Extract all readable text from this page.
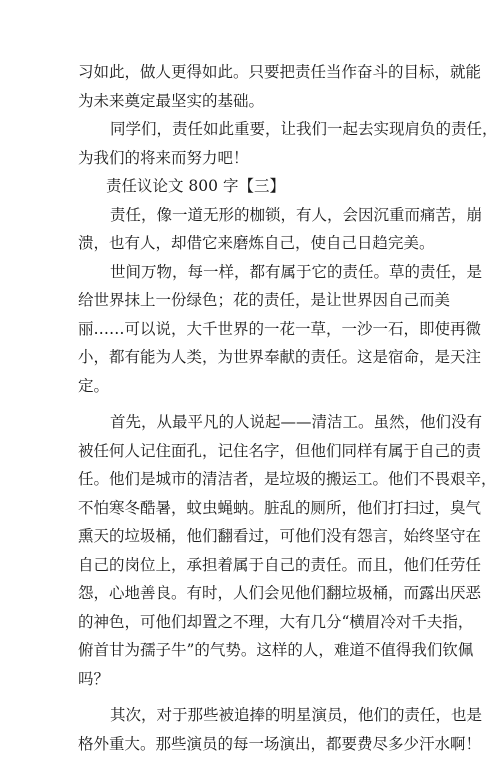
习如此，做人更得如此。只要把责任当作奋斗的目标，就能
为未来奠定最坚实的基础。
同学们，责任如此重要，让我们一起去实现肩负的责任，
为我们的将来而努力吧！
责任议论文 800 字【三】
责任，像一道无形的枷锁，有人，会因沉重而痛苦，崩
溃，也有人，却借它来磨炼自己，使自己日趋完美。
世间万物，每一样，都有属于它的责任。草的责任，是
给世界抹上一份绿色；花的责任，是让世界因自己而美
丽……可以说，大千世界的一花一草，一沙一石，即使再微
小，都有能为人类，为世界奉献的责任。这是宿命，是天注
定。
首先，从最平凡的人说起——清洁工。虽然，他们没有
被任何人记住面孔，记住名字，但他们同样有属于自己的责
任。他们是城市的清洁者，是垃圾的搬运工。他们不畏艰辛，
不怕寒冬酷暑，蚊虫蝇蚋。脏乱的厕所，他们打扫过，臭气
熏天的垃圾桶，他们翻看过，可他们没有怨言，始终坚守在
自己的岗位上，承担着属于自己的责任。而且，他们任劳任
怨，心地善良。有时，人们会见他们翻垃圾桶，而露出厌恶
的神色，可他们却置之不理，大有几分“横眉冷对千夫指，
俯首甘为孺子牛”的气势。这样的人，难道不值得我们钦佩
吗？
其次，对于那些被追捧的明星演员，他们的责任，也是
格外重大。那些演员的每一场演出，都要费尽多少汗水啊！
